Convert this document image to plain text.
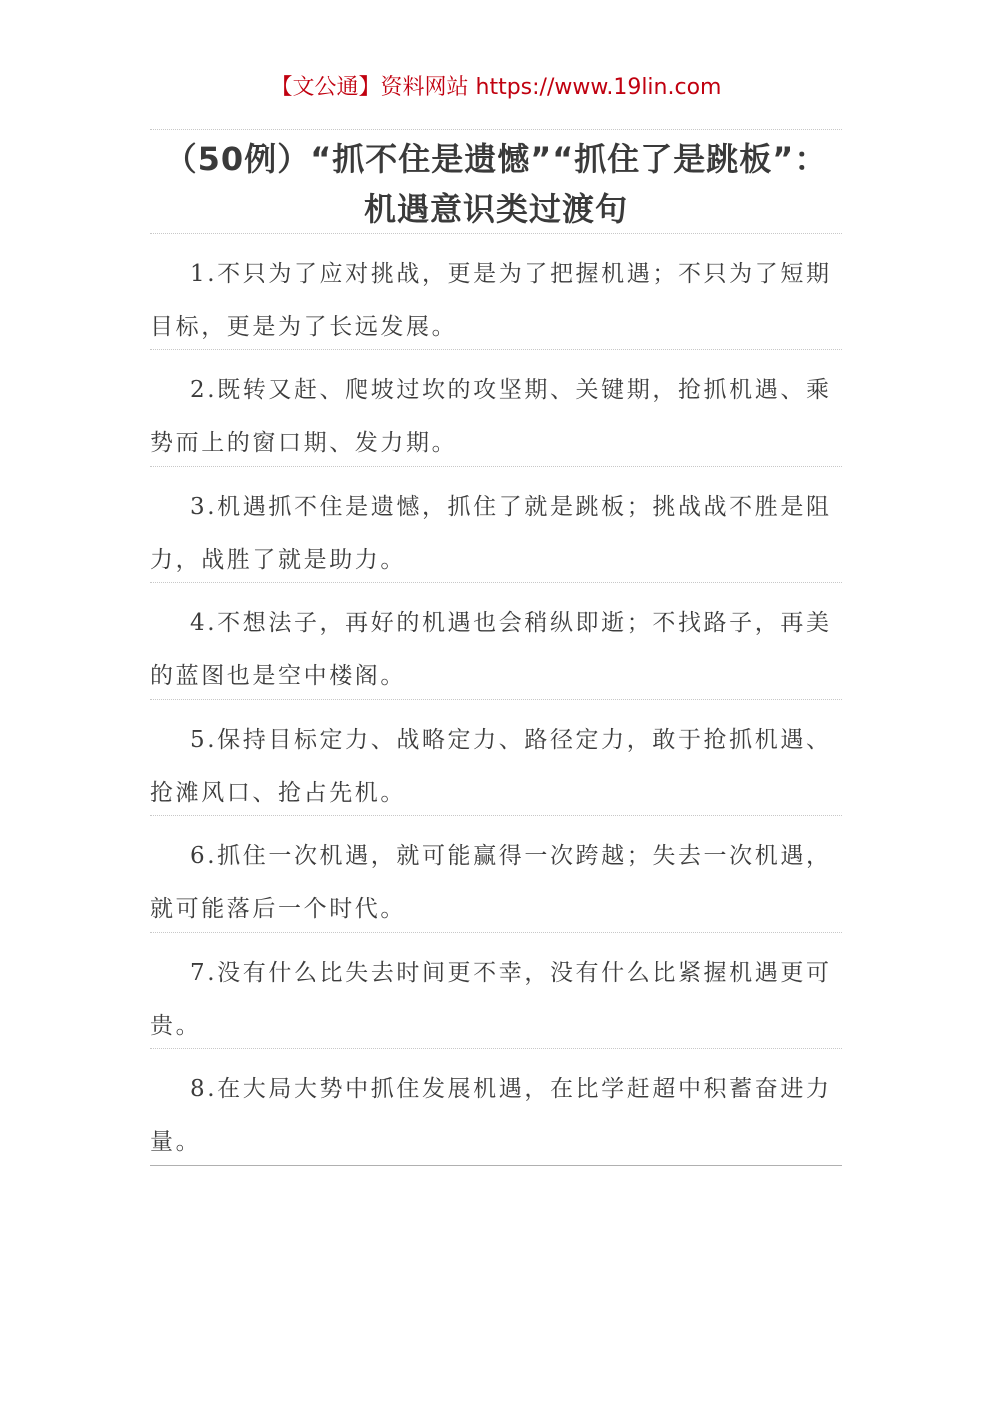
【文公通】资料网站 https://www.19lin.com
（50例）“抓不住是遗憾”“抓住了是跳板”：机遇意识类过渡句
1.不只为了应对挑战，更是为了把握机遇；不只为了短期目标，更是为了长远发展。
2.既转又赶、爬坡过坎的攻坚期、关键期，抢抓机遇、乘势而上的窗口期、发力期。
3.机遇抓不住是遗憾，抓住了就是跳板；挑战战不胜是阻力，战胜了就是助力。
4.不想法子，再好的机遇也会稍纵即逝；不找路子，再美的蓝图也是空中楼阁。
5.保持目标定力、战略定力、路径定力，敢于抢抓机遇、抢滩风口、抢占先机。
6.抓住一次机遇，就可能赢得一次跨越；失去一次机遇，就可能落后一个时代。
7.没有什么比失去时间更不幸，没有什么比紧握机遇更可贵。
8.在大局大势中抓住发展机遇，在比学赶超中积蓄奋进力量。
